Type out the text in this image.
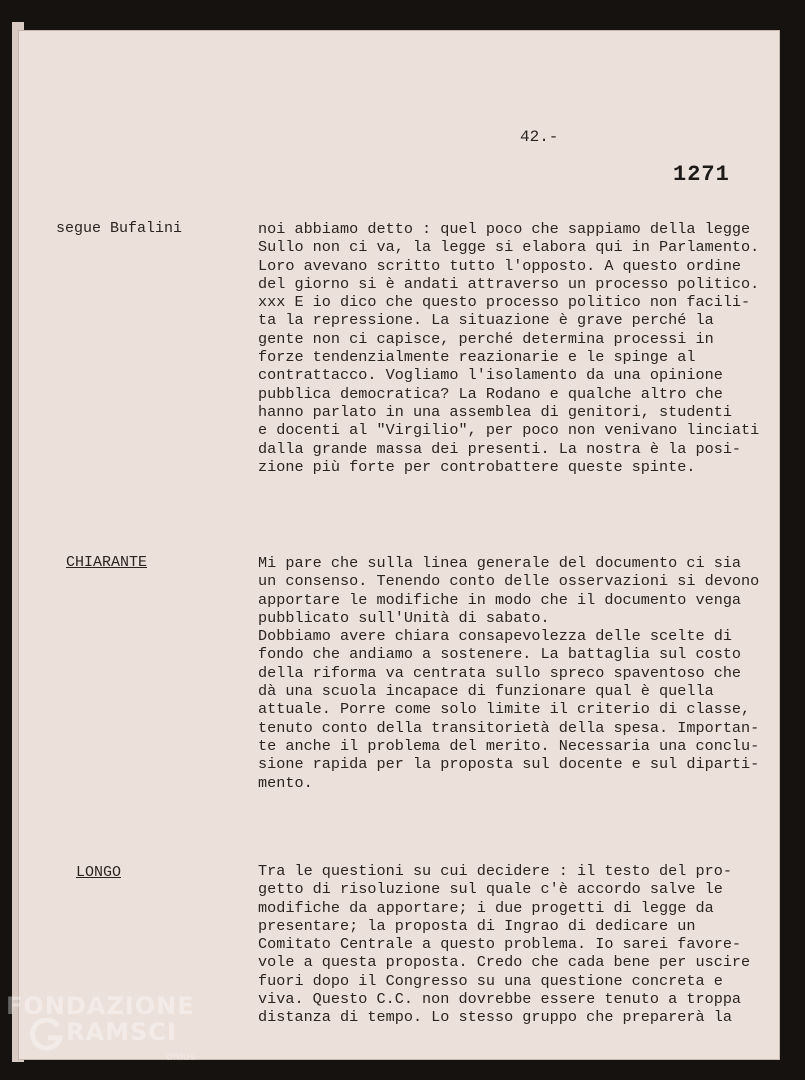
42.-
1271
segue Bufalini	noi abbiamo detto : quel poco che sappiamo della legge
Sullo non ci va, la legge si elabora qui in Parlamento.
Loro avevano scritto tutto l'opposto. A questo ordine
del giorno si è andati attraverso un processo politico.
xxx E io dico che questo processo politico non facili-
ta la repressione. La situazione è grave perché la
gente non ci capisce, perché determina processi in
forze tendenzialmente reazionarie e le spinge al
contrattacco. Vogliamo l'isolamento da una opinione
pubblica democratica? La Rodano e qualche altro che
hanno parlato in una assemblea di genitori, studenti
e docenti al "Virgilio", per poco non venivano linciati
dalla grande massa dei presenti. La nostra è la posi-
zione più forte per controbattere queste spinte.
CHIARANTE	Mi pare che sulla linea generale del documento ci sia
un consenso. Tenendo conto delle osservazioni si devono
apportare le modifiche in modo che il documento venga
pubblicato sull'Unità di sabato.
Dobbiamo avere chiara consapevolezza delle scelte di
fondo che andiamo a sostenere. La battaglia sul costo
della riforma va centrata sullo spreco spaventoso che
dà una scuola incapace di funzionare qual è quella
attuale. Porre come solo limite il criterio di classe,
tenuto conto della transitorietà della spesa. Importan-
te anche il problema del merito. Necessaria una conclu-
sione rapida per la proposta sul docente e sul diparti-
mento.
LONGO	Tra le questioni su cui decidere : il testo del pro-
getto di risoluzione sul quale c'è accordo salve le
modifiche da apportare; i due progetti di legge da
presentare; la proposta di Ingrao di dedicare un
Comitato Centrale a questo problema. Io sarei favore-
vole a questa proposta. Credo che cada bene per uscire
fuori dopo il Congresso su una questione concreta e
viva. Questo C.C. non dovrebbe essere tenuto a troppa
distanza di tempo. Lo stesso gruppo che preparerà la
FONDAZIONE
RAMSCI
onlus
